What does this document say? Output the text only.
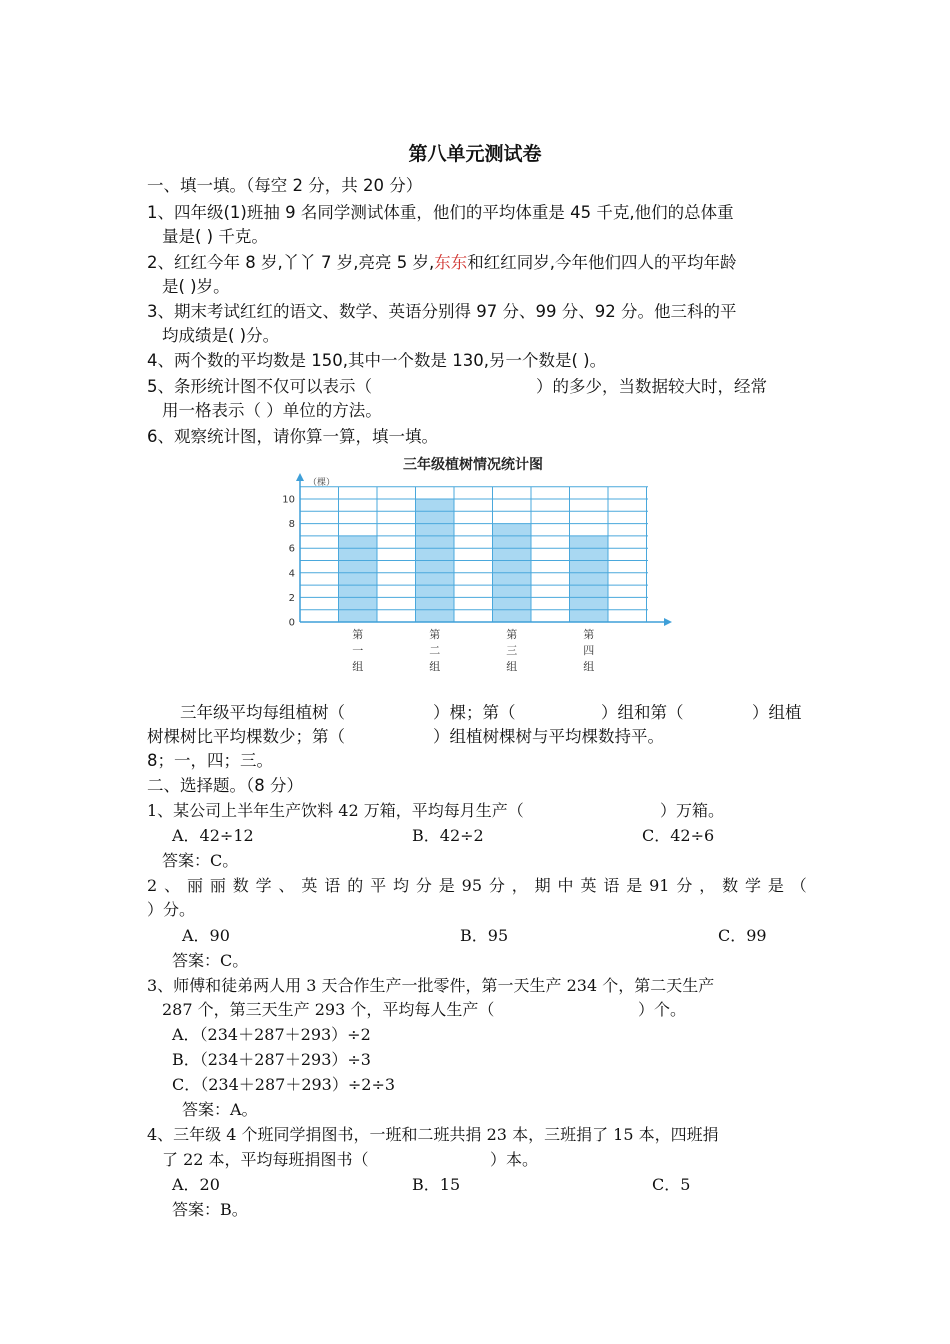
第八单元测试卷
一、填一填。（每空 2 分，共 20 分）
1、四年级(1)班抽 9 名同学测试体重，他们的平均体重是 45 千克,他们的总体重
量是( ) 千克。
2、红红今年 8 岁,丫丫 7 岁,亮亮 5 岁,东东和红红同岁,今年他们四人的平均年龄
是( )岁。
3、期末考试红红的语文、数学、英语分别得 97 分、99 分、92 分。他三科的平
均成绩是( )分。
4、两个数的平均数是 150,其中一个数是 130,另一个数是( )。
5、条形统计图不仅可以表示（	）的多少，当数据较大时，经常
用一格表示（ ）单位的方法。
6、观察统计图，请你算一算，填一填。
三年级植树情况统计图
（棵）
0
2
4
6
8
10
第
一
组
第
二
组
第
三
组
第
四
组
三年级平均每组植树（	）棵；第（	）组和第（	）组植
树棵树比平均棵数少；第（	）组植树棵树与平均棵数持平。
8；一，四；三。
二、选择题。（8 分）
1、某公司上半年生产饮料 42 万箱，平均每月生产（	）万箱。
A．42÷12	B．42÷2	C．42÷6
答案：C。
2 、 丽 丽 数 学 、 英 语 的 平 均 分 是 95 分 ， 期 中 英 语 是 91 分 ， 数 学 是 （
）分。
A．90	B．95	C．99
答案：C。
3、师傅和徒弟两人用 3 天合作生产一批零件，第一天生产 234 个，第二天生产
287 个，第三天生产 293 个，平均每人生产（	）个。
A．（234＋287＋293）÷2
B．（234＋287＋293）÷3
C．（234＋287＋293）÷2÷3
答案：A。
4、三年级 4 个班同学捐图书，一班和二班共捐 23 本，三班捐了 15 本，四班捐
了 22 本，平均每班捐图书（	）本。
A．20	B．15	C．5
答案：B。
